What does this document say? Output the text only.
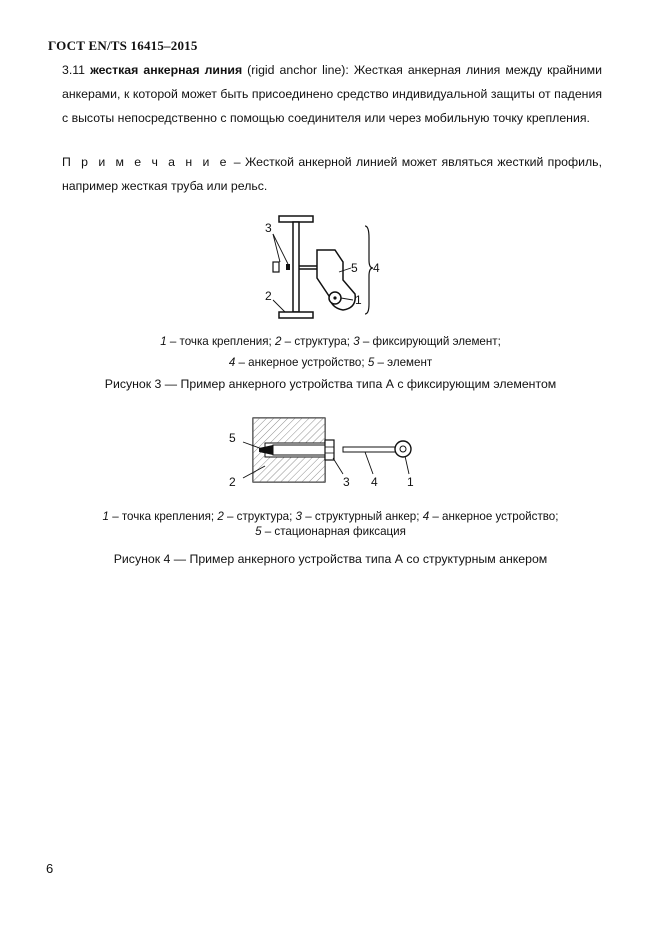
ГОСТ EN/TS 16415–2015
3.11 жесткая анкерная линия (rigid anchor line): Жесткая анкерная линия между крайними анкерами, к которой может быть присоединено средство индивидуальной защиты от падения с высоты непосредственно с помощью соединителя или через мобильную точку крепления.
П р и м е ч а н и е – Жесткой анкерной линией может являться жесткий профиль, например жесткая труба или рельс.
3
2
5 4
1
1 – точка крепления; 2 – структура; 3 – фиксирующий элемент;
4 – анкерное устройство; 5 – элемент
Рисунок 3 — Пример анкерного устройства типа А с фиксирующим элементом
5
2	3 4 1
1 – точка крепления; 2 – структура; 3 – структурный анкер; 4 – анкерное устройство;
5 – стационарная фиксация
Рисунок 4 — Пример анкерного устройства типа А со структурным анкером
6
